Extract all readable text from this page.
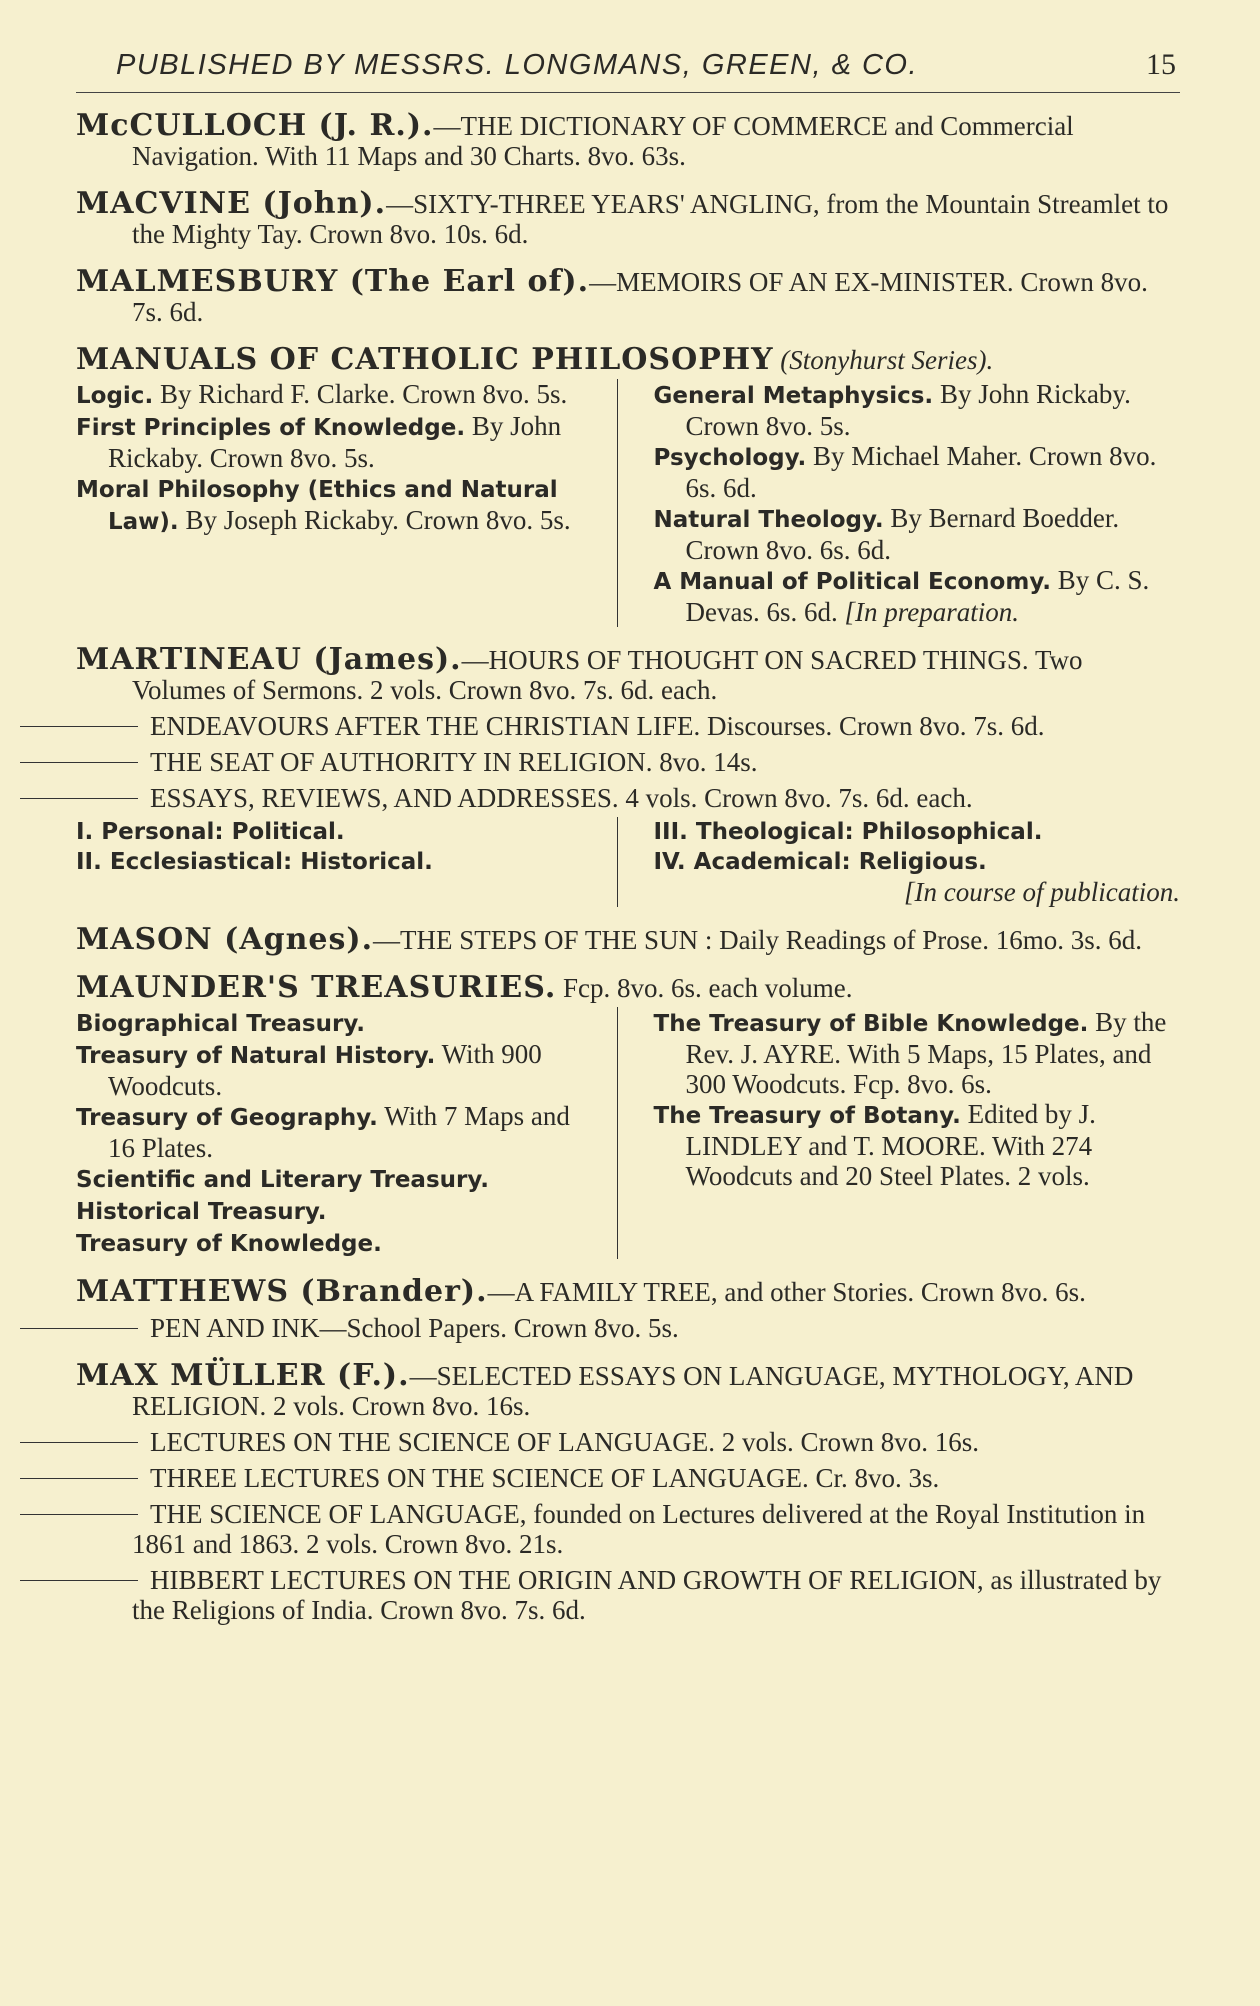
PUBLISHED BY MESSRS. LONGMANS, GREEN, & CO.	15

McCULLOCH (J. R.).—THE DICTIONARY OF COMMERCE and Commercial Navigation. With 11 Maps and 30 Charts. 8vo. 63s.

MACVINE (John).—SIXTY-THREE YEARS' ANGLING, from the Mountain Streamlet to the Mighty Tay. Crown 8vo. 10s. 6d.

MALMESBURY (The Earl of).—MEMOIRS OF AN EX-MINISTER. Crown 8vo. 7s. 6d.

MANUALS OF CATHOLIC PHILOSOPHY (Stonyhurst Series).

Logic. By Richard F. Clarke. Crown 8vo. 5s.
First Principles of Knowledge. By John Rickaby. Crown 8vo. 5s.
Moral Philosophy (Ethics and Natural Law). By Joseph Rickaby. Crown 8vo. 5s.
General Metaphysics. By John Rickaby. Crown 8vo. 5s.
Psychology. By Michael Maher. Crown 8vo. 6s. 6d.
Natural Theology. By Bernard Boedder. Crown 8vo. 6s. 6d.
A Manual of Political Economy. By C. S. Devas. 6s. 6d. [In preparation.

MARTINEAU (James).—HOURS OF THOUGHT ON SACRED THINGS. Two Volumes of Sermons. 2 vols. Crown 8vo. 7s. 6d. each.

ENDEAVOURS AFTER THE CHRISTIAN LIFE. Discourses. Crown 8vo. 7s. 6d.

THE SEAT OF AUTHORITY IN RELIGION. 8vo. 14s.

ESSAYS, REVIEWS, AND ADDRESSES. 4 vols. Crown 8vo. 7s. 6d. each.

I. Personal: Political.
II. Ecclesiastical: Historical.
III. Theological: Philosophical.
IV. Academical: Religious.
[In course of publication.

MASON (Agnes).—THE STEPS OF THE SUN : Daily Readings of Prose. 16mo. 3s. 6d.

MAUNDER'S TREASURIES. Fcp. 8vo. 6s. each volume.

Biographical Treasury.
Treasury of Natural History. With 900 Woodcuts.
Treasury of Geography. With 7 Maps and 16 Plates.
Scientific and Literary Treasury.
Historical Treasury.
Treasury of Knowledge.
The Treasury of Bible Knowledge. By the Rev. J. AYRE. With 5 Maps, 15 Plates, and 300 Woodcuts. Fcp. 8vo. 6s.
The Treasury of Botany. Edited by J. LINDLEY and T. MOORE. With 274 Woodcuts and 20 Steel Plates. 2 vols.

MATTHEWS (Brander).—A FAMILY TREE, and other Stories. Crown 8vo. 6s.

PEN AND INK—School Papers. Crown 8vo. 5s.

MAX MÜLLER (F.).—SELECTED ESSAYS ON LANGUAGE, MYTHOLOGY, AND RELIGION. 2 vols. Crown 8vo. 16s.

LECTURES ON THE SCIENCE OF LANGUAGE. 2 vols. Crown 8vo. 16s.

THREE LECTURES ON THE SCIENCE OF LANGUAGE. Cr. 8vo. 3s.

THE SCIENCE OF LANGUAGE, founded on Lectures delivered at the Royal Institution in 1861 and 1863. 2 vols. Crown 8vo. 21s.

HIBBERT LECTURES ON THE ORIGIN AND GROWTH OF RELIGION, as illustrated by the Religions of India. Crown 8vo. 7s. 6d.
